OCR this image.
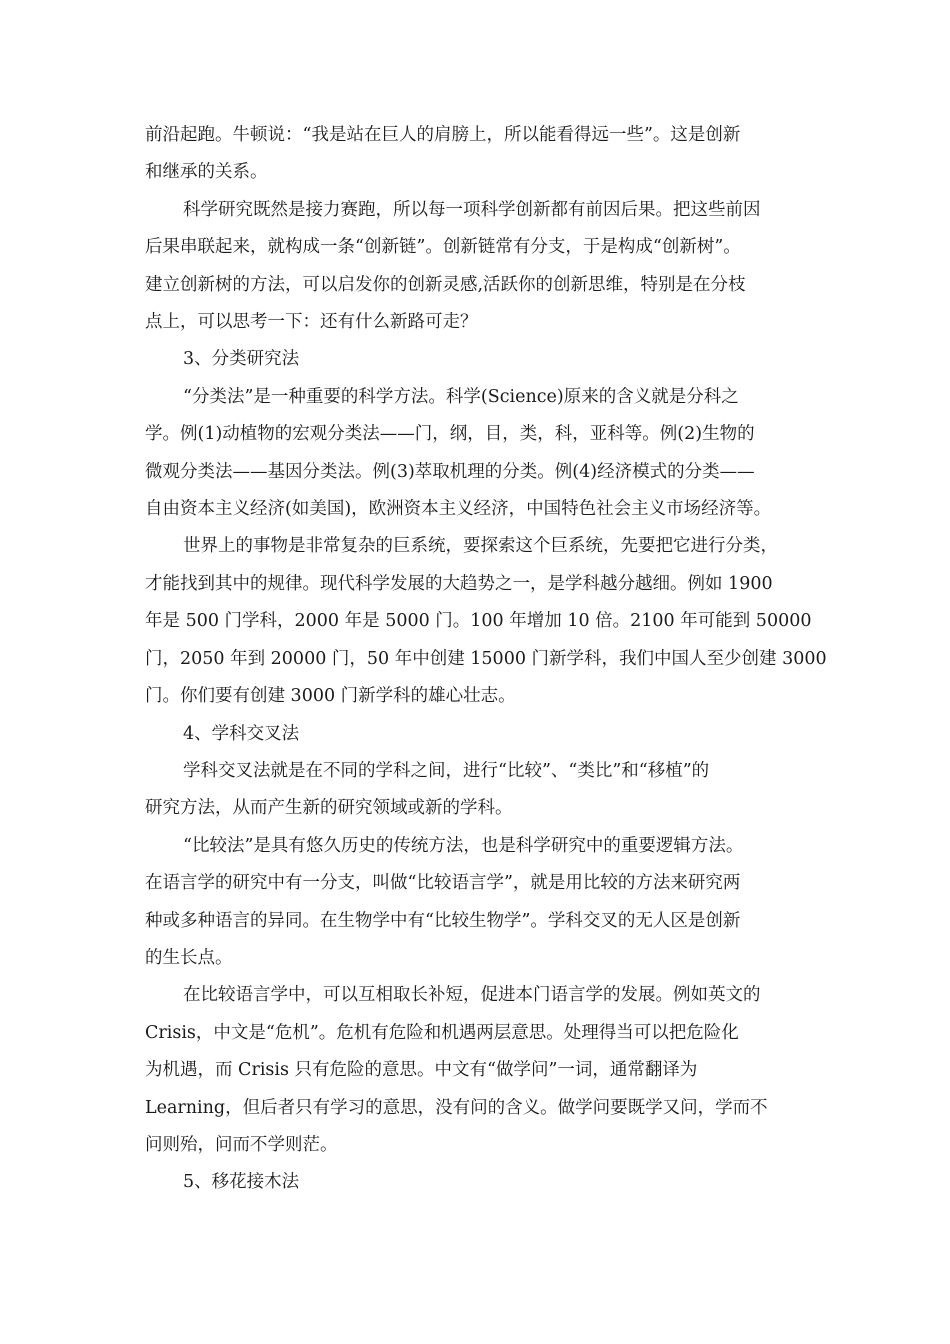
前沿起跑。牛顿说：“我是站在巨人的肩膀上，所以能看得远一些”。这是创新
和继承的关系。
科学研究既然是接力赛跑，所以每一项科学创新都有前因后果。把这些前因
后果串联起来，就构成一条“创新链”。创新链常有分支，于是构成“创新树”。
建立创新树的方法，可以启发你的创新灵感,活跃你的创新思维，特别是在分枝
点上，可以思考一下：还有什么新路可走？
3、分类研究法
“分类法”是一种重要的科学方法。科学(Science)原来的含义就是分科之
学。例(1)动植物的宏观分类法——门，纲，目，类，科，亚科等。例(2)生物的
微观分类法——基因分类法。例(3)萃取机理的分类。例(4)经济模式的分类——
自由资本主义经济(如美国)，欧洲资本主义经济，中国特色社会主义市场经济等。
世界上的事物是非常复杂的巨系统，要探索这个巨系统，先要把它进行分类，
才能找到其中的规律。现代科学发展的大趋势之一，是学科越分越细。例如 1900
年是 500 门学科，2000 年是 5000 门。100 年增加 10 倍。2100 年可能到 50000
门，2050 年到 20000 门，50 年中创建 15000 门新学科，我们中国人至少创建 3000
门。你们要有创建 3000 门新学科的雄心壮志。
4、学科交叉法
学科交叉法就是在不同的学科之间，进行“比较”、“类比”和“移植”的
研究方法，从而产生新的研究领域或新的学科。
“比较法”是具有悠久历史的传统方法，也是科学研究中的重要逻辑方法。
在语言学的研究中有一分支，叫做“比较语言学”，就是用比较的方法来研究两
种或多种语言的异同。在生物学中有“比较生物学”。学科交叉的无人区是创新
的生长点。
在比较语言学中，可以互相取长补短，促进本门语言学的发展。例如英文的
Crisis，中文是“危机”。危机有危险和机遇两层意思。处理得当可以把危险化
为机遇，而 Crisis 只有危险的意思。中文有“做学问”一词，通常翻译为
Learning，但后者只有学习的意思，没有问的含义。做学问要既学又问，学而不
问则殆，问而不学则茫。
5、移花接木法
